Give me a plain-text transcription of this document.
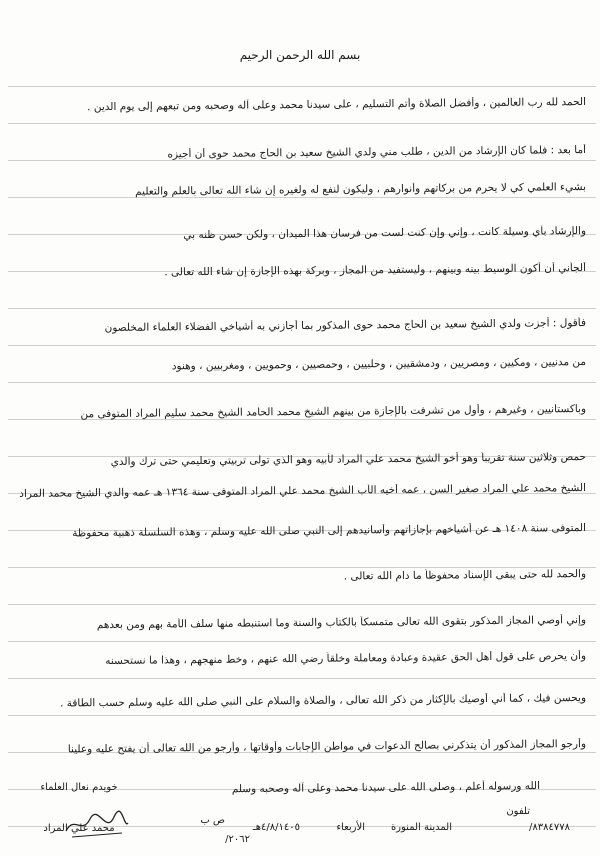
بسم الله الرحمن الرحيم
الحمد لله رب العالمين ، وأفضل الصلاة وأتم التسليم ، على سيدنا محمد وعلى آله وصحبه ومن تبعهم إلى يوم الدين .
أما بعد : فلما كان الإرشاد من الدين ، طلب مني ولدي الشيخ سعيد بن الحاج محمد حوى أن أجيزه
بشيء العلمي كي لا يحرم من بركاتهم وأنوارهم ، وليكون لنفع له ولغيره إن شاء الله تعالى بالعلم والتعليم
والإرشاد بأي وسيلة كانت ، وإني وإن كنت لست من فرسان هذا الميدان ، ولكن حسن ظنه بي
ألجأني أن أكون الوسيط بينه وبينهم ، وليستفيد من المجاز ، وبركة بهذه الإجازة إن شاء الله تعالى .
فأقول : أجزت ولدي الشيخ سعيد بن الحاج محمد حوى المذكور بما أجازني به أشياخي الفضلاء العلماء المخلصون
من مدنيين ، ومكيين ، ومصريين ، ودمشقيين ، وحلبيين ، وحمصيين ، وحمويين ، ومغربيين ، وهنود
وباكستانيين ، وغيرهم ، وأول من تشرفت بالإجازة من بينهم الشيخ محمد الحامد الشيخ محمد سليم المراد المتوفى من
حمص وثلاثين سنة تقريباً وهو أخو الشيخ محمد علي المراد لأبيه وهو الذي تولى تربيتي وتعليمي حتى ترك والدي
الشيخ محمد علي المراد صغير السن ، عمه أخيه الأب الشيخ محمد علي المراد المتوفى سنة ١٣٦٤ هـ عمه والدي الشيخ محمد المراد
المتوفى سنة ١٤٠٨ هـ عن أشياخهم بإجازاتهم وأسانيدهم إلى النبي صلى الله عليه وسلم ، وهذه السلسلة ذهبية محفوظة
والحمد لله حتى يبقى الإسناد محفوظاً ما دام الله تعالى .
وإني أوصي المجاز المذكور بتقوى الله تعالى متمسكاً بالكتاب والسنة وما استنبطه منها سلف الأمة بهم ومن بعدهم
وأن يحرص على قول أهل الحق عقيدة وعبادة ومعاملة وخلقاً رضي الله عنهم ، وخط منهجهم ، وهذا ما نستحسنه
ويحسن فيك ، كما أني أوصيك بالإكثار من ذكر الله تعالى ، والصلاة والسلام على النبي صلى الله عليه وسلم حسب الطاقة .
وأرجو المجاز المذكور أن يتذكرني بصالح الدعوات في مواطن الإجابات وأوقاتها ، وأرجو من الله تعالى أن يفتح عليه وعلينا
الله ورسوله أعلم ، وصلى الله على سيدنا محمد وعلى آله وصحبه وسلم
خويدم نعال العلماء
محمد علي المراد
تلفون
٨٣٨٤٧٧٨/
المدينة المنورة
الأربعاء
٤/٨/١٤٠٥هـ
ص ب
٢٠٦٢/
